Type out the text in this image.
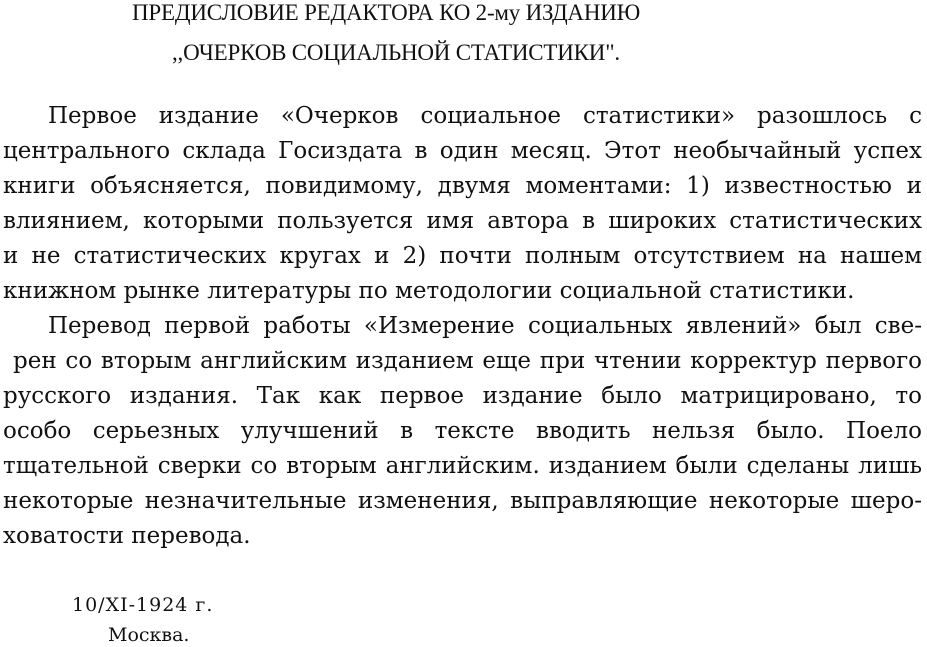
ПРЕДИСЛОВИЕ РЕДАКТОРА КО 2-му ИЗДАНИЮ
,,ОЧЕРКОВ СОЦИАЛЬНОЙ СТАТИСТИКИ".
Первое издание «Очерков социальное статистики» разошлось с
центрального склада Госиздата в один месяц. Этот необычайный успех
книги объясняется, повидимому, двумя моментами: 1) известностью и
влиянием, которыми пользуется имя автора в широких статистических
и не статистических кругах и 2) почти полным отсутствием на нашем
книжном рынке литературы по методологии социальной статистики.
Перевод первой работы «Измерение социальных явлений» был све-
рен со вторым английским изданием еще при чтении корректур первого
русского издания. Так как первое издание было матрицировано, то
особо серьезных улучшений в тексте вводить нельзя было. Поело
тщательной сверки со вторым английским. изданием были сделаны лишь
некоторые незначительные изменения, выправляющие некоторые шеро-
ховатости перевода.
10/XI-1924 г.
Москва.
